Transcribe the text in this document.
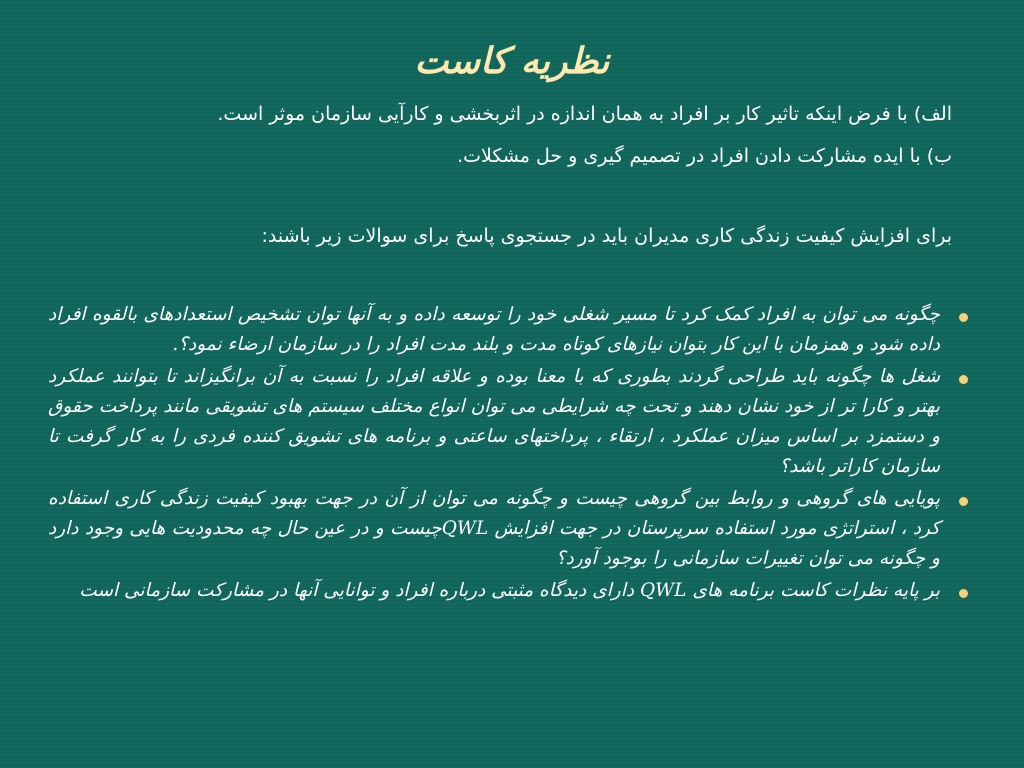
نظریه کاست
الف) با فرض اینکه تاثیر کار بر افراد به همان اندازه در اثربخشی و کارآیی سازمان موثر است.
ب) با ایده مشارکت دادن افراد در تصمیم گیری و حل مشکلات.
برای افزایش کیفیت زندگی کاری مدیران باید در جستجوی پاسخ برای سوالات زیر باشند:
چگونه می توان به افراد کمک کرد تا مسیر شغلی خود را توسعه داده و به آنها توان تشخیص استعدادهای بالقوه افراد داده شود و همزمان با این کار بتوان نیازهای کوتاه مدت و بلند مدت افراد را در سازمان ارضاء نمود؟.
شغل ها چگونه باید طراحی گردند بطوری که با معنا بوده و علاقه افراد را نسبت به آن برانگیزاند تا بتوانند عملکرد بهتر و کارا تر از خود نشان دهند و تحت چه شرایطی می توان انواع مختلف سیستم های تشویقی مانند پرداخت حقوق و دستمزد بر اساس میزان عملکرد ، ارتقاء ، پرداختهای ساعتی و برنامه های تشویق کننده فردی را به کار گرفت تا سازمان کاراتر باشد؟
پویایی های گروهی و روابط بین گروهی چیست و چگونه می توان از آن در جهت بهبود کیفیت زندگی کاری استفاده کرد ، استراتژی مورد استفاده سرپرستان در جهت افزایش QWLچیست و در عین حال چه محدودیت هایی وجود دارد و چگونه می توان تغییرات سازمانی را بوجود آورد؟
بر پایه نظرات کاست برنامه های QWL دارای دیدگاه مثبتی درباره افراد و توانایی آنها در مشارکت سازمانی است
